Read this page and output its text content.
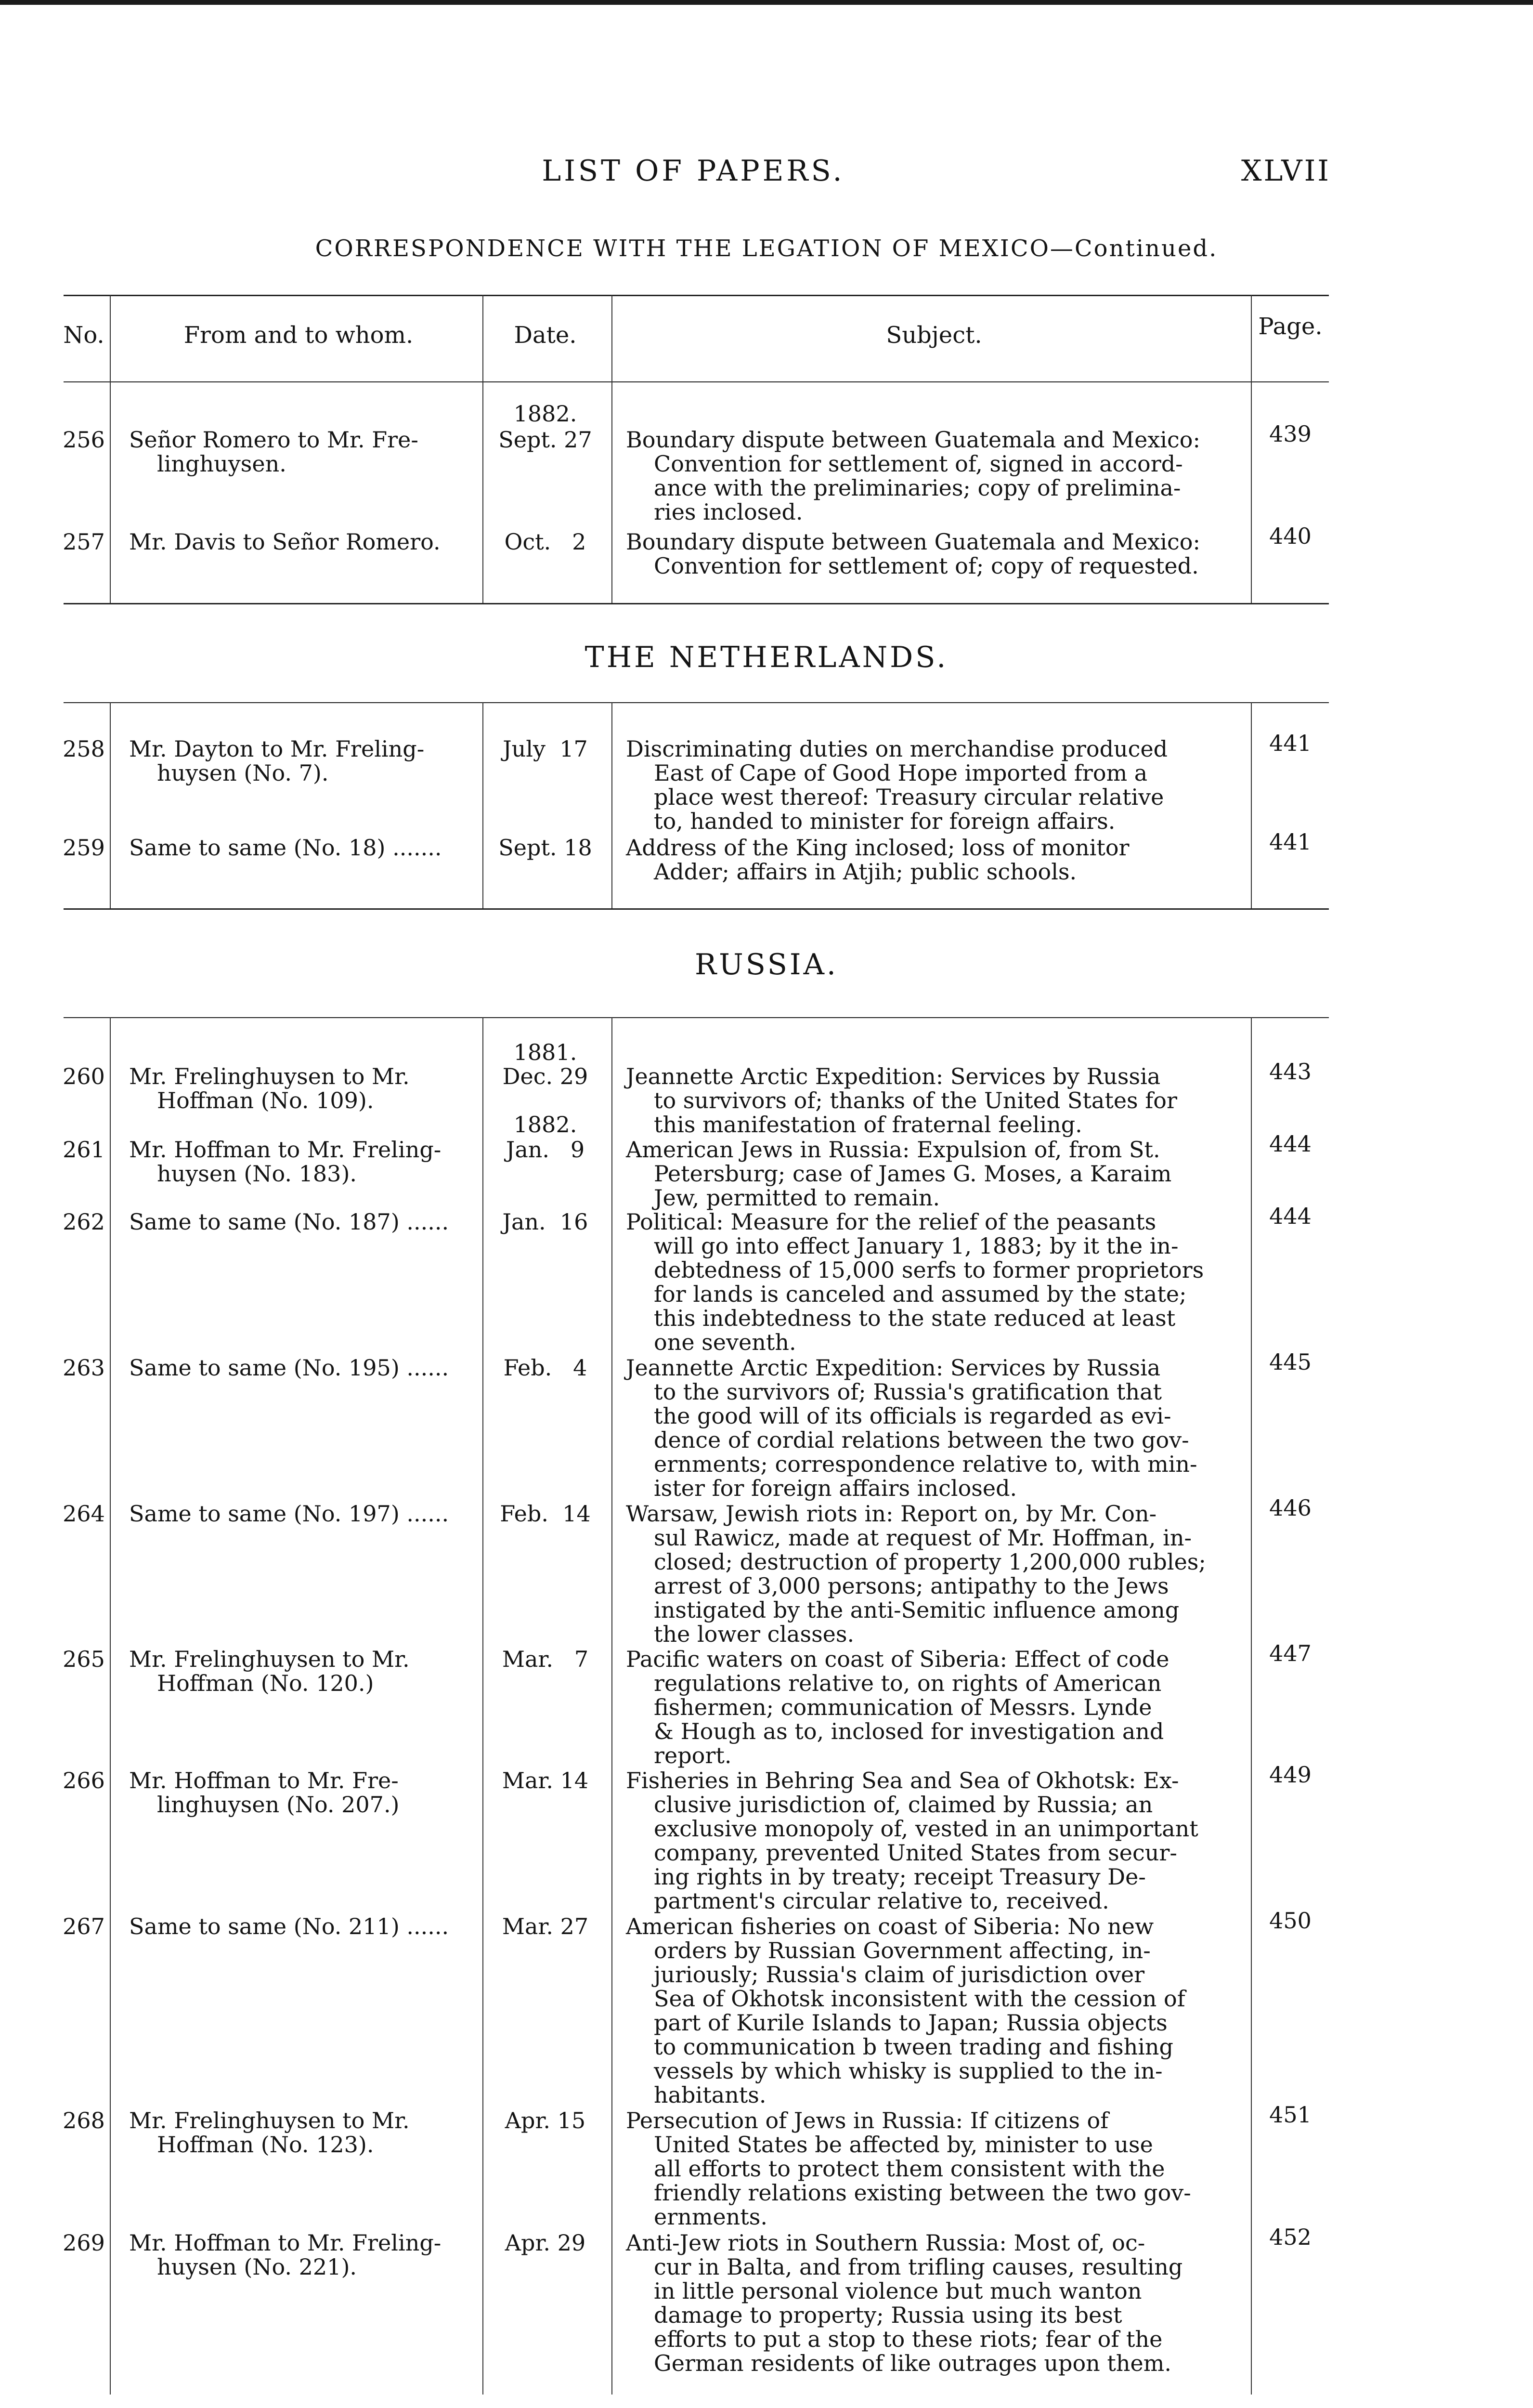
LIST OF PAPERS.	XLVII
CORRESPONDENCE WITH THE LEGATION OF MEXICO—Continued.
No.	From and to whom.	Date.	Subject.	Page.
1882.
256 Señor Romero to Mr. Fre-
linghuysen.
Sept. 27	Boundary dispute between Guatemala and Mexico:
Convention for settlement of, signed in accord-
ance with the preliminaries; copy of prelimina-
ries inclosed.
439
257 Mr. Davis to Señor Romero.	Oct.   2	Boundary dispute between Guatemala and Mexico:
Convention for settlement of; copy of requested.
440
THE NETHERLANDS.
258 Mr. Dayton to Mr. Freling-
huysen (No. 7).
July  17	Discriminating duties on merchandise produced
East of Cape of Good Hope imported from a
place west thereof: Treasury circular relative
to, handed to minister for foreign affairs.
441
259 Same to same (No. 18) .......	Sept. 18	Address of the King inclosed; loss of monitor
Adder; affairs in Atjih; public schools.
441
RUSSIA.
1881.
260 Mr. Frelinghuysen to Mr.
Hoffman (No. 109).
Dec. 29	Jeannette Arctic Expedition: Services by Russia
to survivors of; thanks of the United States for
this manifestation of fraternal feeling.
443
1882.
261 Mr. Hoffman to Mr. Freling-
huysen (No. 183).
Jan.   9	American Jews in Russia: Expulsion of, from St.
Petersburg; case of James G. Moses, a Karaim
Jew, permitted to remain.
444
262 Same to same (No. 187) ......	Jan.  16	Political: Measure for the relief of the peasants
will go into effect January 1, 1883; by it the in-
debtedness of 15,000 serfs to former proprietors
for lands is canceled and assumed by the state;
this indebtedness to the state reduced at least
one seventh.
444
263 Same to same (No. 195) ......	Feb.   4	Jeannette Arctic Expedition: Services by Russia
to the survivors of; Russia's gratification that
the good will of its officials is regarded as evi-
dence of cordial relations between the two gov-
ernments; correspondence relative to, with min-
ister for foreign affairs inclosed.
445
264 Same to same (No. 197) ......	Feb.  14	Warsaw, Jewish riots in: Report on, by Mr. Con-
sul Rawicz, made at request of Mr. Hoffman, in-
closed; destruction of property 1,200,000 rubles;
arrest of 3,000 persons; antipathy to the Jews
instigated by the anti-Semitic influence among
the lower classes.
446
265 Mr. Frelinghuysen to Mr.
Hoffman (No. 120.)
Mar.   7	Pacific waters on coast of Siberia: Effect of code
regulations relative to, on rights of American
fishermen; communication of Messrs. Lynde
& Hough as to, inclosed for investigation and
report.
447
266 Mr. Hoffman to Mr. Fre-
linghuysen (No. 207.)
Mar. 14	Fisheries in Behring Sea and Sea of Okhotsk: Ex-
clusive jurisdiction of, claimed by Russia; an
exclusive monopoly of, vested in an unimportant
company, prevented United States from secur-
ing rights in by treaty; receipt Treasury De-
partment's circular relative to, received.
449
267 Same to same (No. 211) ......	Mar. 27	American fisheries on coast of Siberia: No new
orders by Russian Government affecting, in-
juriously; Russia's claim of jurisdiction over
Sea of Okhotsk inconsistent with the cession of
part of Kurile Islands to Japan; Russia objects
to communication b tween trading and fishing
vessels by which whisky is supplied to the in-
habitants.
450
268 Mr. Frelinghuysen to Mr.
Hoffman (No. 123).
Apr. 15	Persecution of Jews in Russia: If citizens of
United States be affected by, minister to use
all efforts to protect them consistent with the
friendly relations existing between the two gov-
ernments.
451
269 Mr. Hoffman to Mr. Freling-
huysen (No. 221).
Apr. 29	Anti-Jew riots in Southern Russia: Most of, oc-
cur in Balta, and from trifling causes, resulting
in little personal violence but much wanton
damage to property; Russia using its best
efforts to put a stop to these riots; fear of the
German residents of like outrages upon them.
452
